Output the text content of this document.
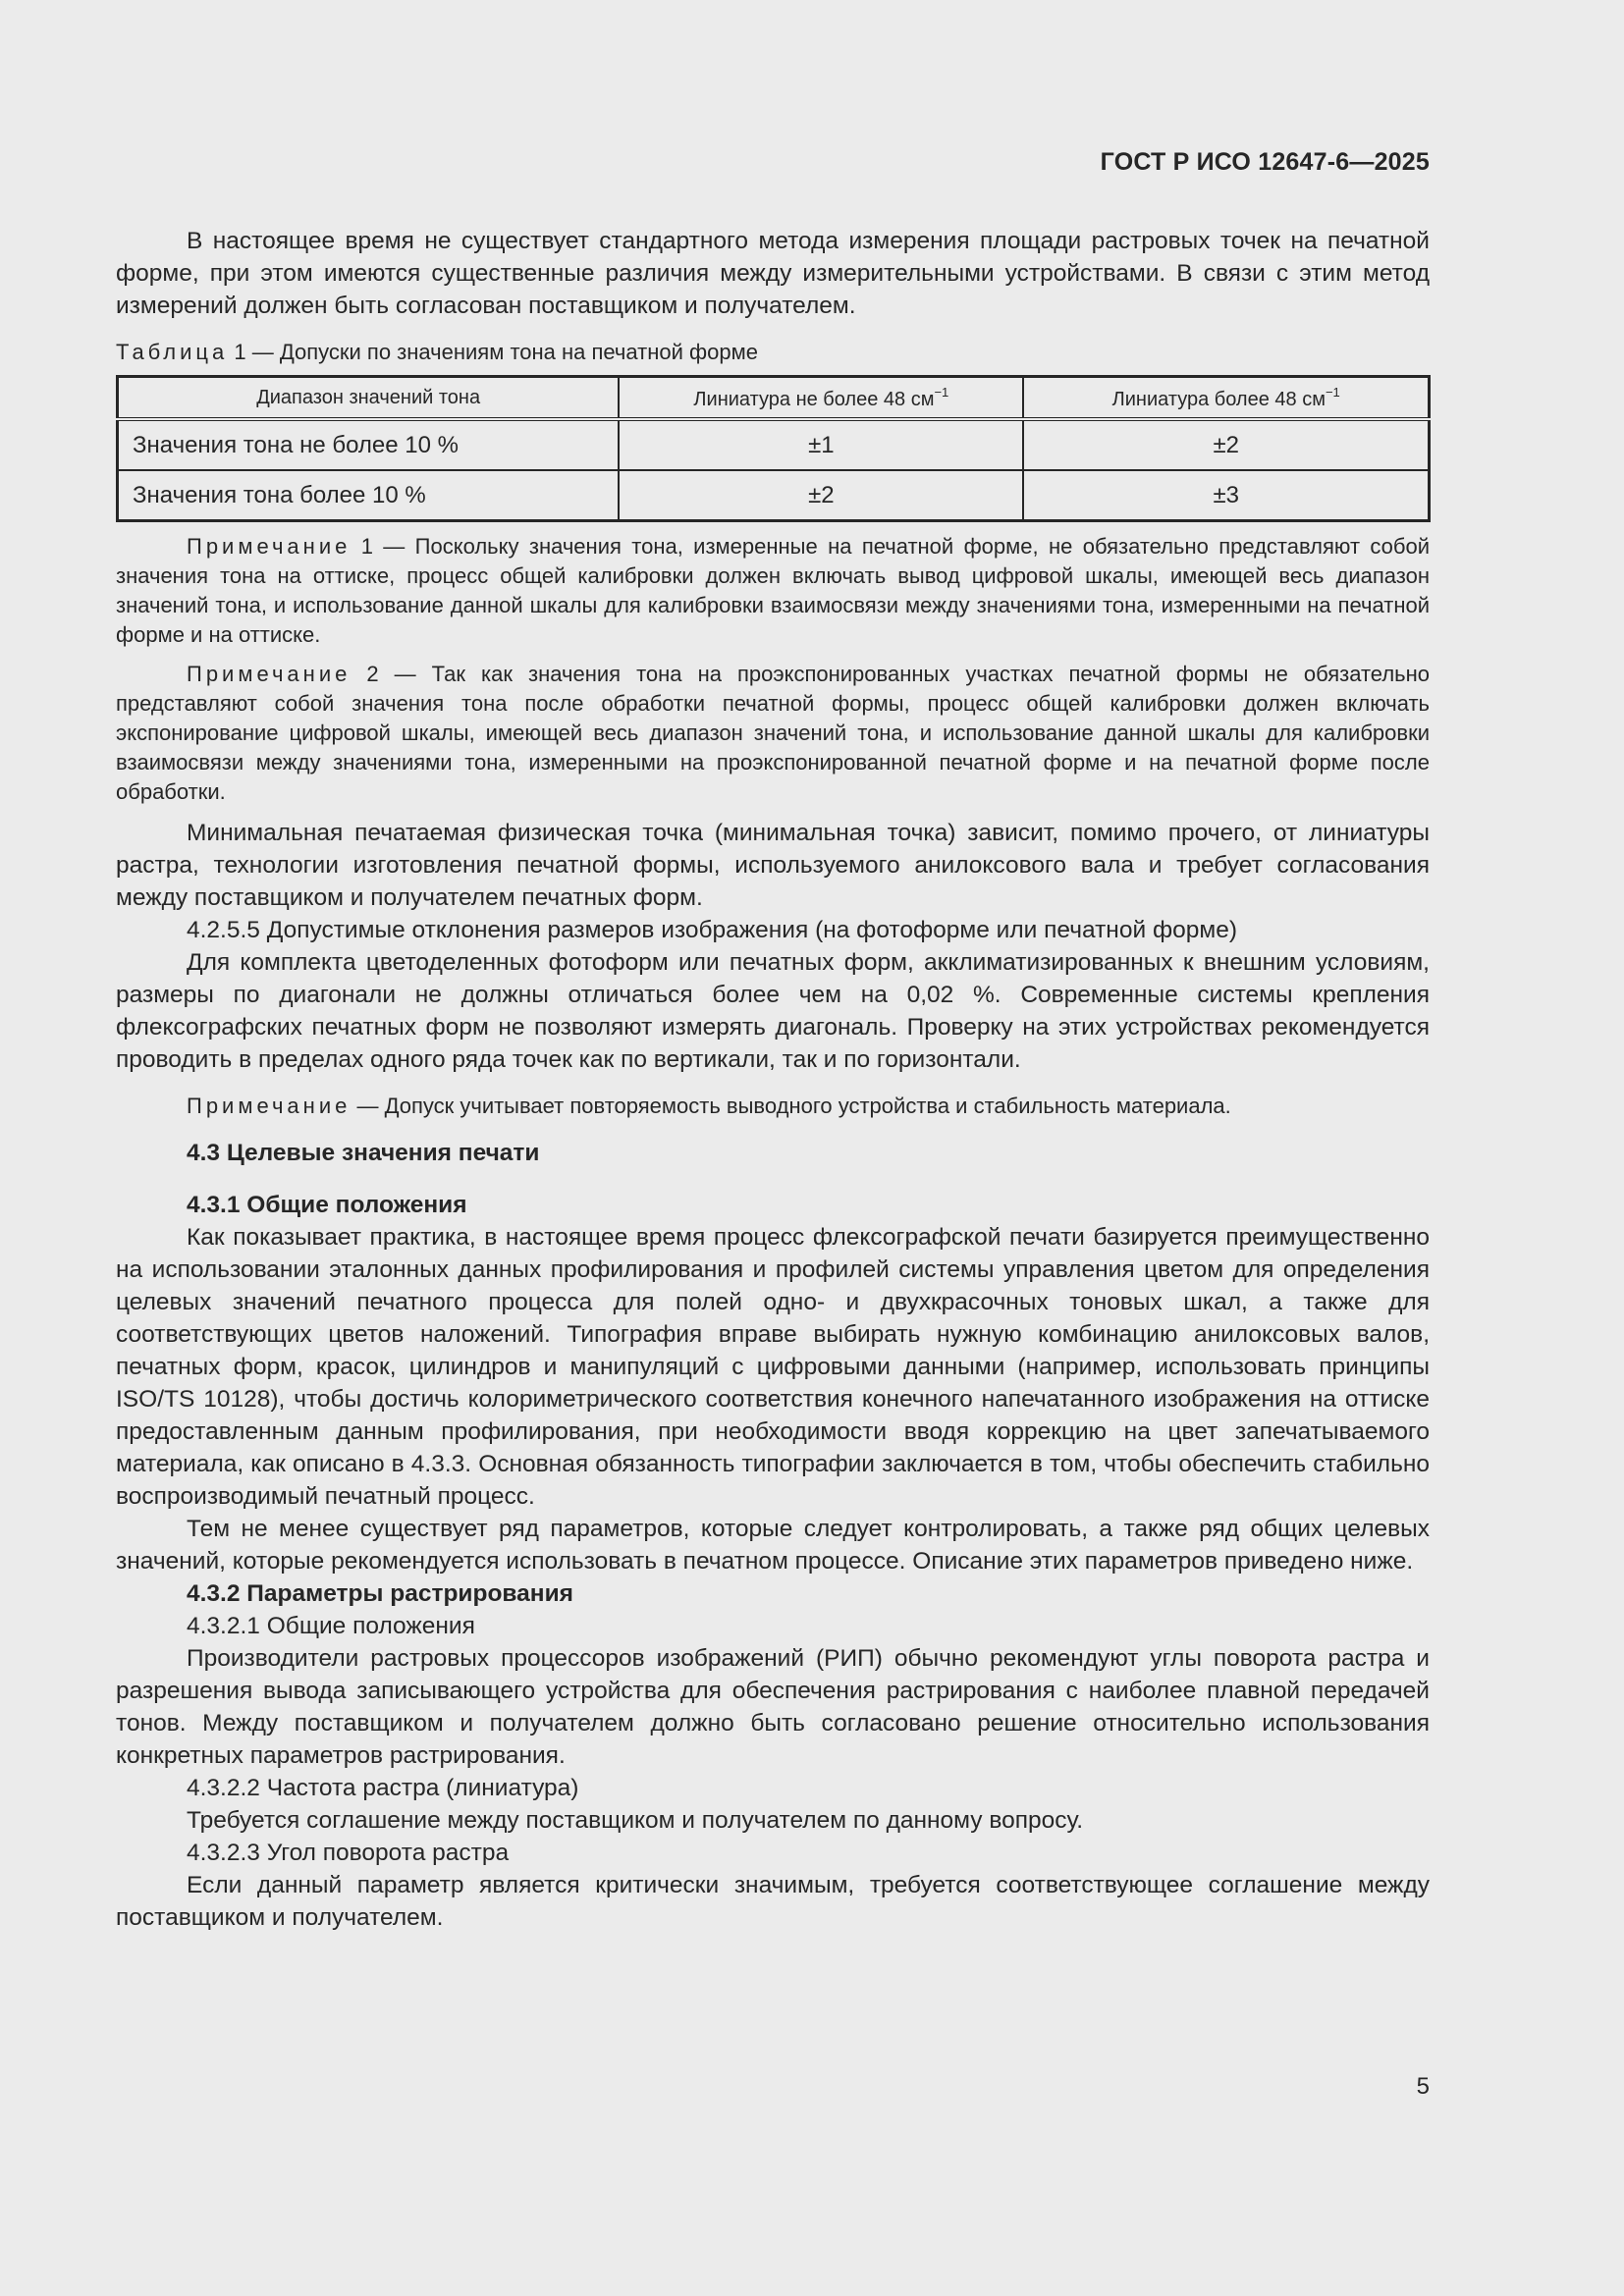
ГОСТ Р ИСО 12647-6—2025

В настоящее время не существует стандартного метода измерения площади растровых точек на печатной форме, при этом имеются существенные различия между измерительными устройствами. В связи с этим метод измерений должен быть согласован поставщиком и получателем.

Таблица 1 — Допуски по значениям тона на печатной форме

Диапазон значений тона	Линиатура не более 48 $см^{-1}$	Линиатура более 48 $см^{-1}$
Значения тона не более 10 %	±1	±2
Значения тона более 10 %	±2	±3

Примечание 1 — Поскольку значения тона, измеренные на печатной форме, не обязательно представляют собой значения тона на оттиске, процесс общей калибровки должен включать вывод цифровой шкалы, имеющей весь диапазон значений тона, и использование данной шкалы для калибровки взаимосвязи между значениями тона, измеренными на печатной форме и на оттиске.

Примечание 2 — Так как значения тона на проэкспонированных участках печатной формы не обязательно представляют собой значения тона после обработки печатной формы, процесс общей калибровки должен включать экспонирование цифровой шкалы, имеющей весь диапазон значений тона, и использование данной шкалы для калибровки взаимосвязи между значениями тона, измеренными на проэкспонированной печатной форме и на печатной форме после обработки.

Минимальная печатаемая физическая точка (минимальная точка) зависит, помимо прочего, от линиатуры растра, технологии изготовления печатной формы, используемого анилоксового вала и требует согласования между поставщиком и получателем печатных форм.

4.2.5.5 Допустимые отклонения размеров изображения (на фотоформе или печатной форме)

Для комплекта цветоделенных фотоформ или печатных форм, акклиматизированных к внешним условиям, размеры по диагонали не должны отличаться более чем на 0,02 %. Современные системы крепления флексографских печатных форм не позволяют измерять диагональ. Проверку на этих устройствах рекомендуется проводить в пределах одного ряда точек как по вертикали, так и по горизонтали.

Примечание — Допуск учитывает повторяемость выводного устройства и стабильность материала.

4.3 Целевые значения печати

4.3.1 Общие положения

Как показывает практика, в настоящее время процесс флексографской печати базируется преимущественно на использовании эталонных данных профилирования и профилей системы управления цветом для определения целевых значений печатного процесса для полей одно- и двухкрасочных тоновых шкал, а также для соответствующих цветов наложений. Типография вправе выбирать нужную комбинацию анилоксовых валов, печатных форм, красок, цилиндров и манипуляций с цифровыми данными (например, использовать принципы ISO/TS 10128), чтобы достичь колориметрического соответствия конечного напечатанного изображения на оттиске предоставленным данным профилирования, при необходимости вводя коррекцию на цвет запечатываемого материала, как описано в 4.3.3. Основная обязанность типографии заключается в том, чтобы обеспечить стабильно воспроизводимый печатный процесс.

Тем не менее существует ряд параметров, которые следует контролировать, а также ряд общих целевых значений, которые рекомендуется использовать в печатном процессе. Описание этих параметров приведено ниже.

4.3.2 Параметры растрирования

4.3.2.1 Общие положения

Производители растровых процессоров изображений (РИП) обычно рекомендуют углы поворота растра и разрешения вывода записывающего устройства для обеспечения растрирования с наиболее плавной передачей тонов. Между поставщиком и получателем должно быть согласовано решение относительно использования конкретных параметров растрирования.

4.3.2.2 Частота растра (линиатура)

Требуется соглашение между поставщиком и получателем по данному вопросу.

4.3.2.3 Угол поворота растра

Если данный параметр является критически значимым, требуется соответствующее соглашение между поставщиком и получателем.

5
